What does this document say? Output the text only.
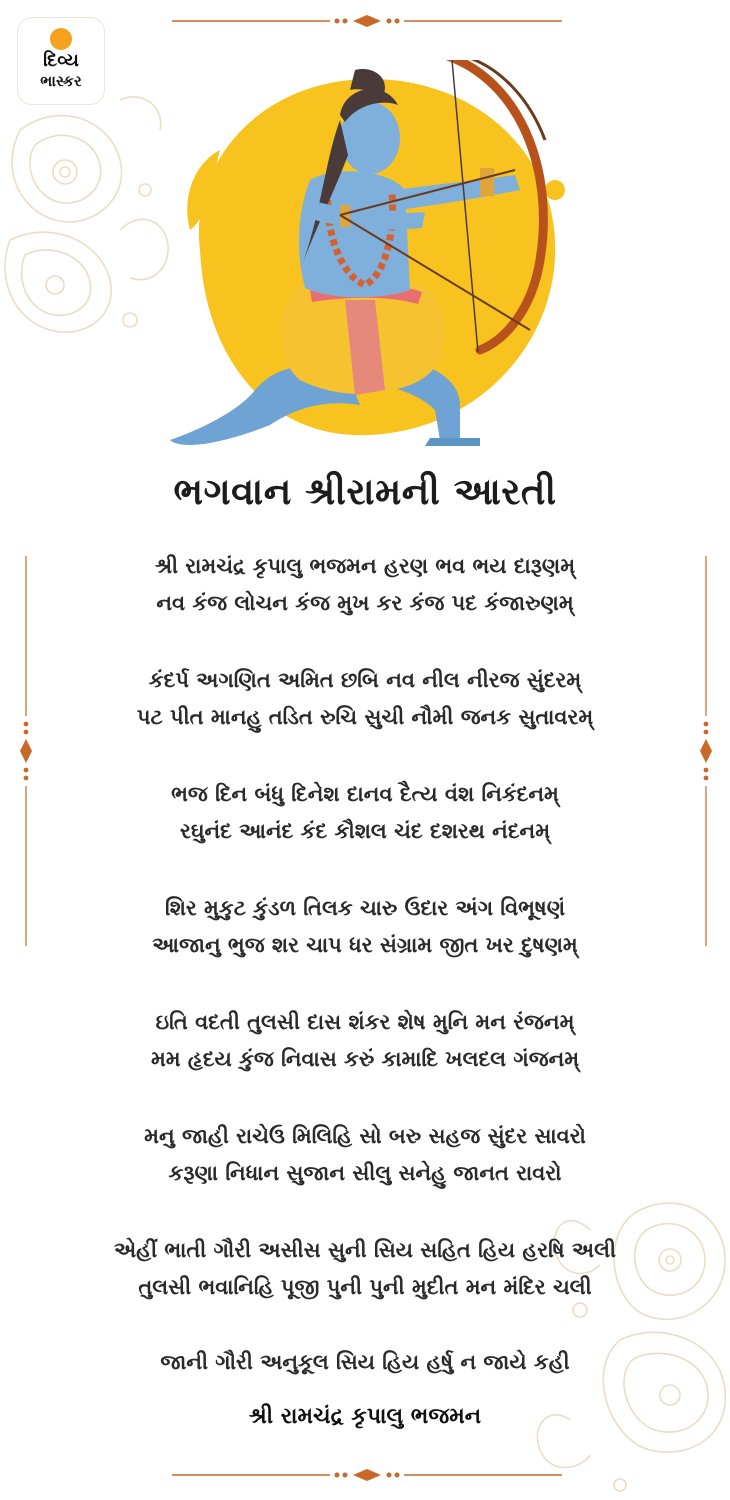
દિવ્ય
ભાસ્કર
ભગવાન શ્રીરામની આરતી
શ્રી રામચંદ્ર કૃપાલુ ભજમન હરણ ભવ ભય દારૂણમ્
નવ કંજ લોચન કંજ મુખ કર કંજ પદ કંજારુણમ્
કંદર્પ અગણિત અમિત છબિ નવ નીલ નીરજ સુંદરમ્
પટ પીત માનહુ તડિત રુચિ સુચી નૌમી જનક સુતાવરમ્
ભજ દિન બંધુ દિનેશ દાનવ દૈત્ય વંશ નિકંદનમ્
રઘુનંદ આનંદ કંદ કૌશલ ચંદ દશરથ નંદનમ્
શિર મુકુટ કુંડળ તિલક ચારુ ઉદાર અંગ વિભૂષણં
આજાનુ ભુજ શર ચાપ ધર સંગ્રામ જીત ખર દુષણમ્
ઇતિ વદતી તુલસી દાસ શંકર શેષ મુનિ મન રંજનમ્
મમ હૃદય કુંજ નિવાસ કરું કામાદિ ખલદલ ગંજનમ્
મનુ જાહી રાચેઉ મિલિહિ સો બરુ સહજ સુંદર સાવરો
કરૂણા નિધાન સુજાન સીલુ સનેહુ જાનત રાવરો
એહીં ભાતી ગૌરી અસીસ સુની સિય સહિત હિય હરષિ અલી
તુલસી ભવાનિહિ પૂજી પુની પુની મુદીત મન મંદિર ચલી
જાની ગૌરી અનુકૂલ સિય હિય હર્ષુ ન જાયે કહી
શ્રી રામચંદ્ર કૃપાલુ ભજમન
